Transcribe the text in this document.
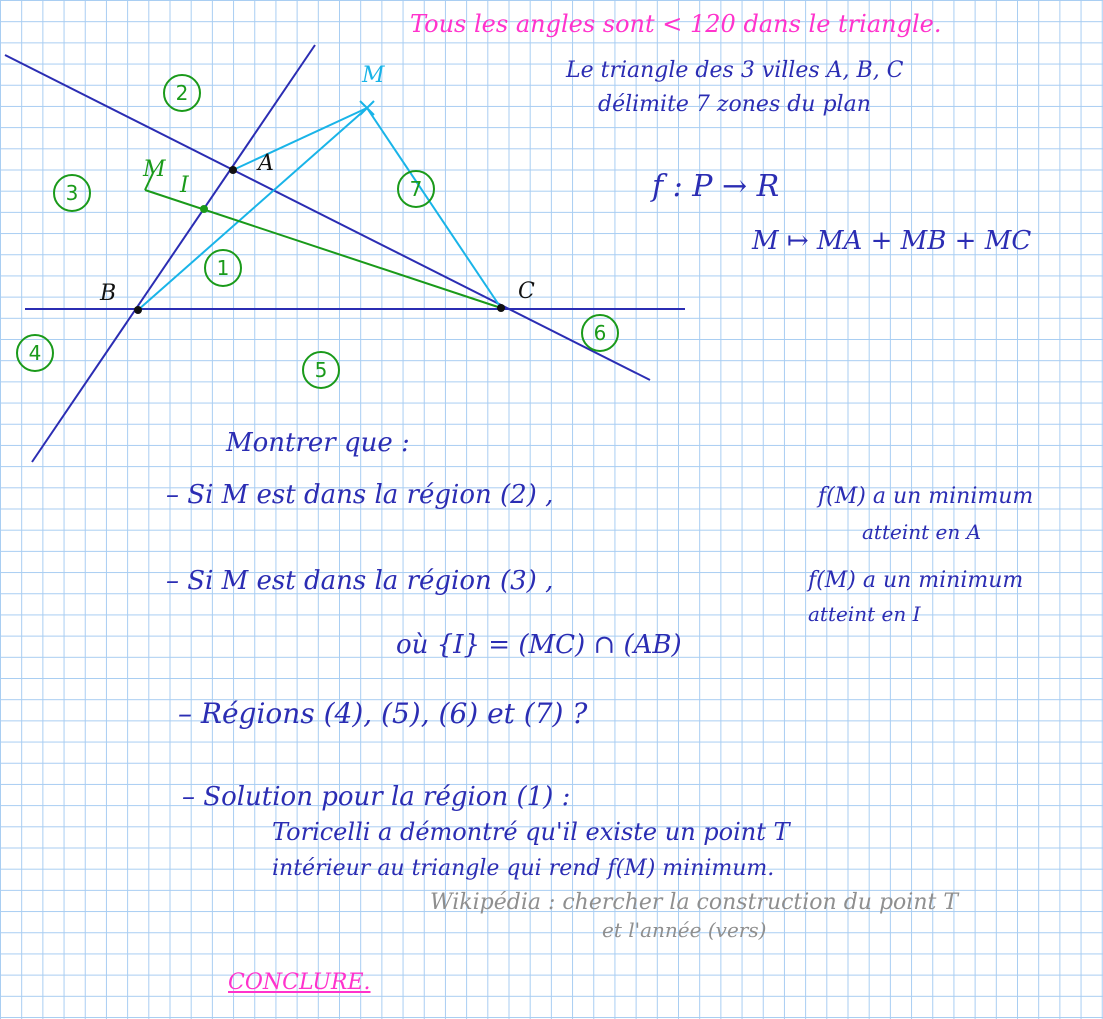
A
B	C
M
I
M
1
2
3
4
5
6
7
Tous les angles sont < 120 dans le triangle.
Le triangle des 3 villes A, B, C
délimite 7 zones du plan
f : P → R
M ↦ MA + MB + MC
Montrer que :
– Si M est dans la région (2) ,	f(M) a un minimum
atteint en A
– Si M est dans la région (3) ,	f(M) a un minimum
atteint en I
où {I} = (MC) ∩ (AB)
– Régions (4), (5), (6) et (7) ?
– Solution pour la région (1) :
Toricelli a démontré qu'il existe un point T
intérieur au triangle qui rend f(M) minimum.
Wikipédia : chercher la construction du point T
et l'année (vers)
CONCLURE.
